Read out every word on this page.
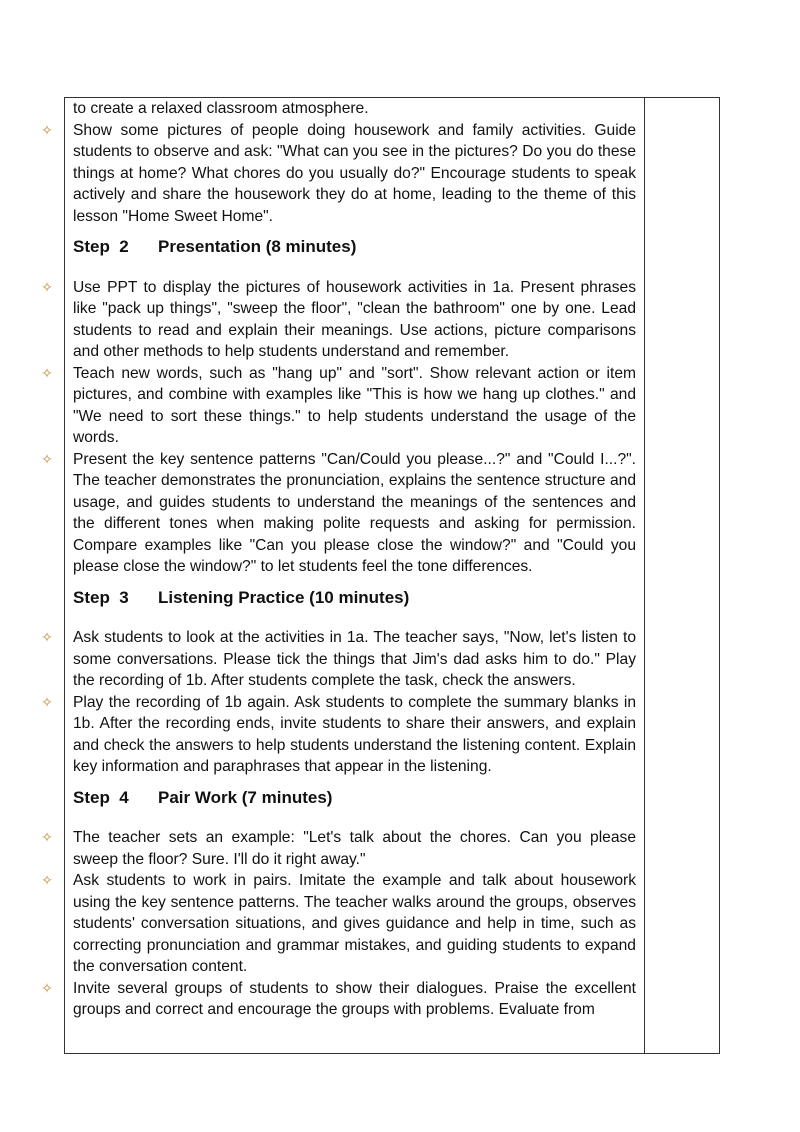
to create a relaxed classroom atmosphere.
✧ Show some pictures of people doing housework and family activities. Guide students to observe and ask: "What can you see in the pictures? Do you do these things at home? What chores do you usually do?" Encourage students to speak actively and share the housework they do at home, leading to the theme of this lesson "Home Sweet Home".
Step  2 Presentation (8 minutes)
✧ Use PPT to display the pictures of housework activities in 1a. Present phrases like "pack up things", "sweep the floor", "clean the bathroom" one by one. Lead students to read and explain their meanings. Use actions, picture comparisons and other methods to help students understand and remember.
✧ Teach new words, such as "hang up" and "sort". Show relevant action or item pictures, and combine with examples like "This is how we hang up clothes." and "We need to sort these things." to help students understand the usage of the words.
✧ Present the key sentence patterns "Can/Could you please...?" and "Could I...?". The teacher demonstrates the pronunciation, explains the sentence structure and usage, and guides students to understand the meanings of the sentences and the different tones when making polite requests and asking for permission. Compare examples like "Can you please close the window?" and "Could you please close the window?" to let students feel the tone differences.
Step  3 Listening Practice (10 minutes)
✧ Ask students to look at the activities in 1a. The teacher says, "Now, let's listen to some conversations. Please tick the things that Jim's dad asks him to do." Play the recording of 1b. After students complete the task, check the answers.
✧ Play the recording of 1b again. Ask students to complete the summary blanks in 1b. After the recording ends, invite students to share their answers, and explain and check the answers to help students understand the listening content. Explain key information and paraphrases that appear in the listening.
Step  4 Pair Work (7 minutes)
✧ The teacher sets an example: "Let's talk about the chores. Can you please sweep the floor? Sure. I'll do it right away."
✧ Ask students to work in pairs. Imitate the example and talk about housework using the key sentence patterns. The teacher walks around the groups, observes students' conversation situations, and gives guidance and help in time, such as correcting pronunciation and grammar mistakes, and guiding students to expand the conversation content.
✧ Invite several groups of students to show their dialogues. Praise the excellent groups and correct and encourage the groups with problems. Evaluate from
